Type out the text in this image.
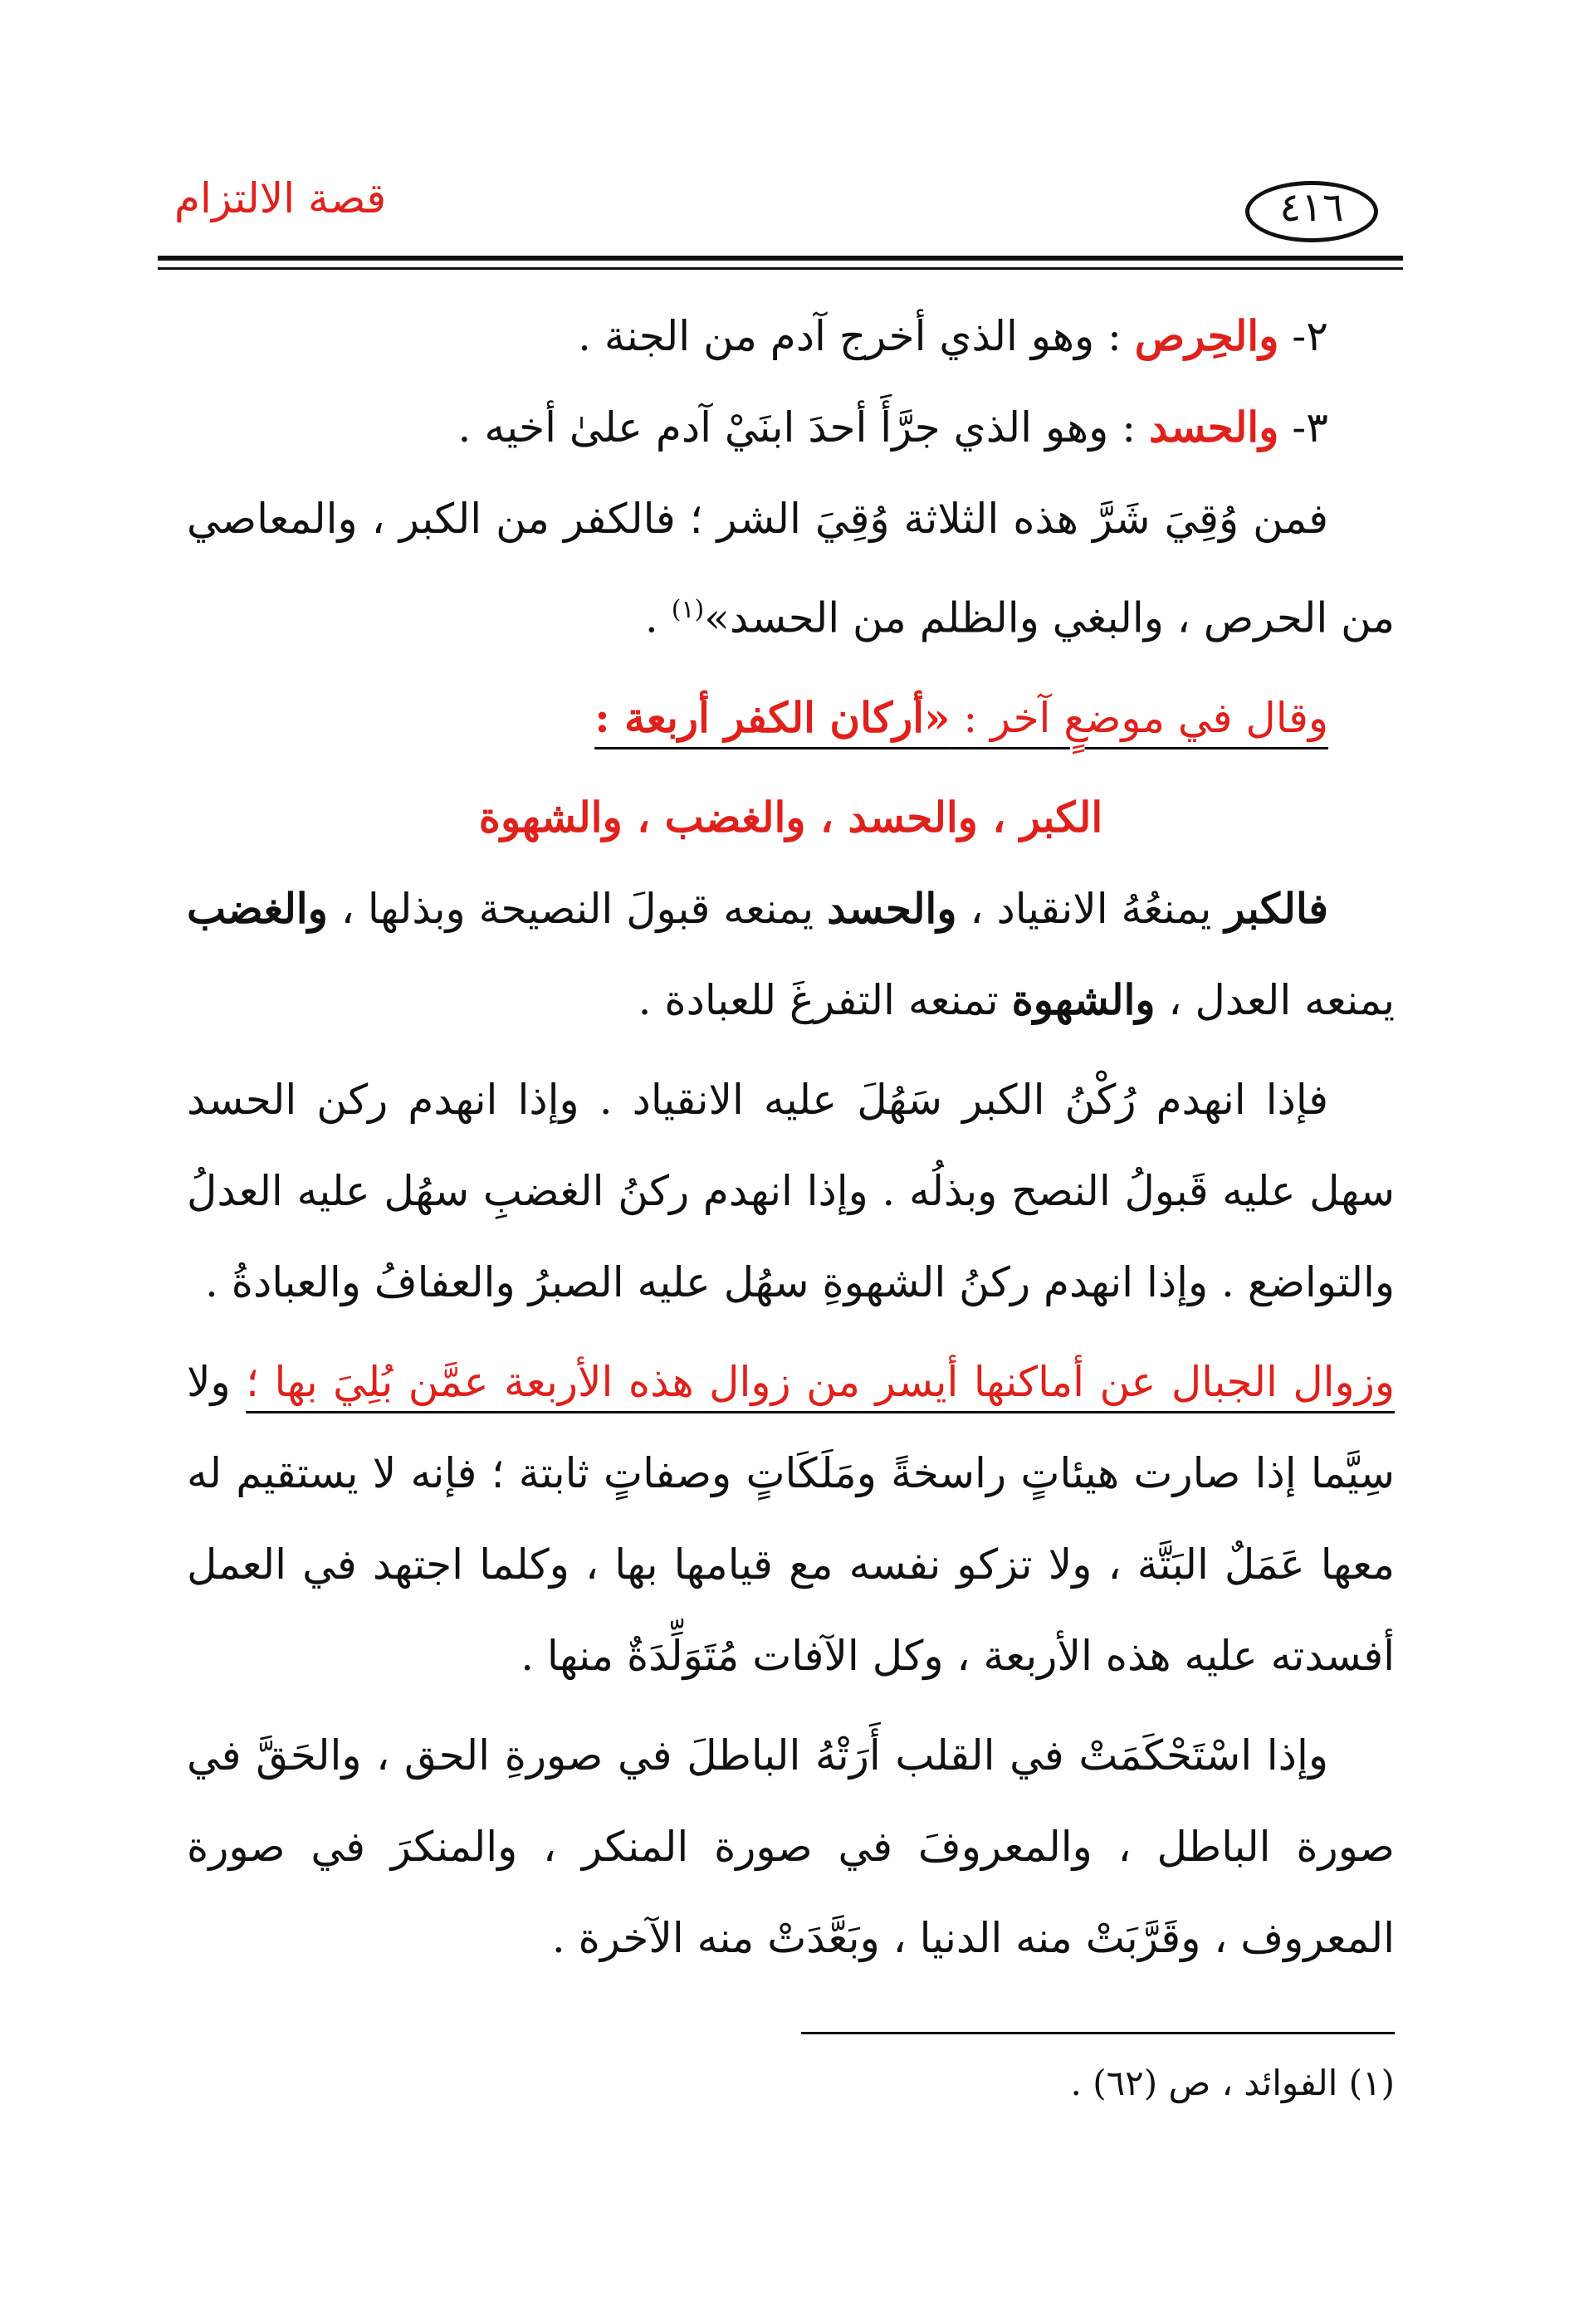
قصة الالتزام	٤١٦

٢- والحِرص : وهو الذي أخرج آدم من الجنة .

٣- والحسد : وهو الذي جرَّأَ أحدَ ابنَيْ آدم علىٰ أخيه .

فمن وُقِيَ شَرَّ هذه الثلاثة وُقِيَ الشر ؛ فالكفر من الكبر ، والمعاصي من الحرص ، والبغي والظلم من الحسد»$^{(١)}$ .

وقال في موضعٍ آخر : «أركان الكفر أربعة :

الكبر ، والحسد ، والغضب ، والشهوة

فالكبر يمنعُهُ الانقياد ، والحسد يمنعه قبولَ النصيحة وبذلها ، والغضب يمنعه العدل ، والشهوة تمنعه التفرغَ للعبادة .

فإذا انهدم رُكْنُ الكبر سَهُلَ عليه الانقياد . وإذا انهدم ركن الحسد سهل عليه قَبولُ النصح وبذلُه . وإذا انهدم ركنُ الغضبِ سهُل عليه العدلُ والتواضع . وإذا انهدم ركنُ الشهوةِ سهُل عليه الصبرُ والعفافُ والعبادةُ .

وزوال الجبال عن أماكنها أيسر من زوال هذه الأربعة عمَّن بُلِيَ بها ؛ ولا سِيَّما إذا صارت هيئاتٍ راسخةً ومَلَكَاتٍ وصفاتٍ ثابتة ؛ فإنه لا يستقيم له معها عَمَلٌ البَتَّة ، ولا تزكو نفسه مع قيامها بها ، وكلما اجتهد في العمل أفسدته عليه هذه الأربعة ، وكل الآفات مُتَوَلِّدَةٌ منها .

وإذا اسْتَحْكَمَتْ في القلب أَرَتْهُ الباطلَ في صورةِ الحق ، والحَقَّ في صورة الباطل ، والمعروفَ في صورة المنكر ، والمنكرَ في صورة المعروف ، وقَرَّبَتْ منه الدنيا ، وبَعَّدَتْ منه الآخرة .

(١) الفوائد ، ص (٦٢) .
